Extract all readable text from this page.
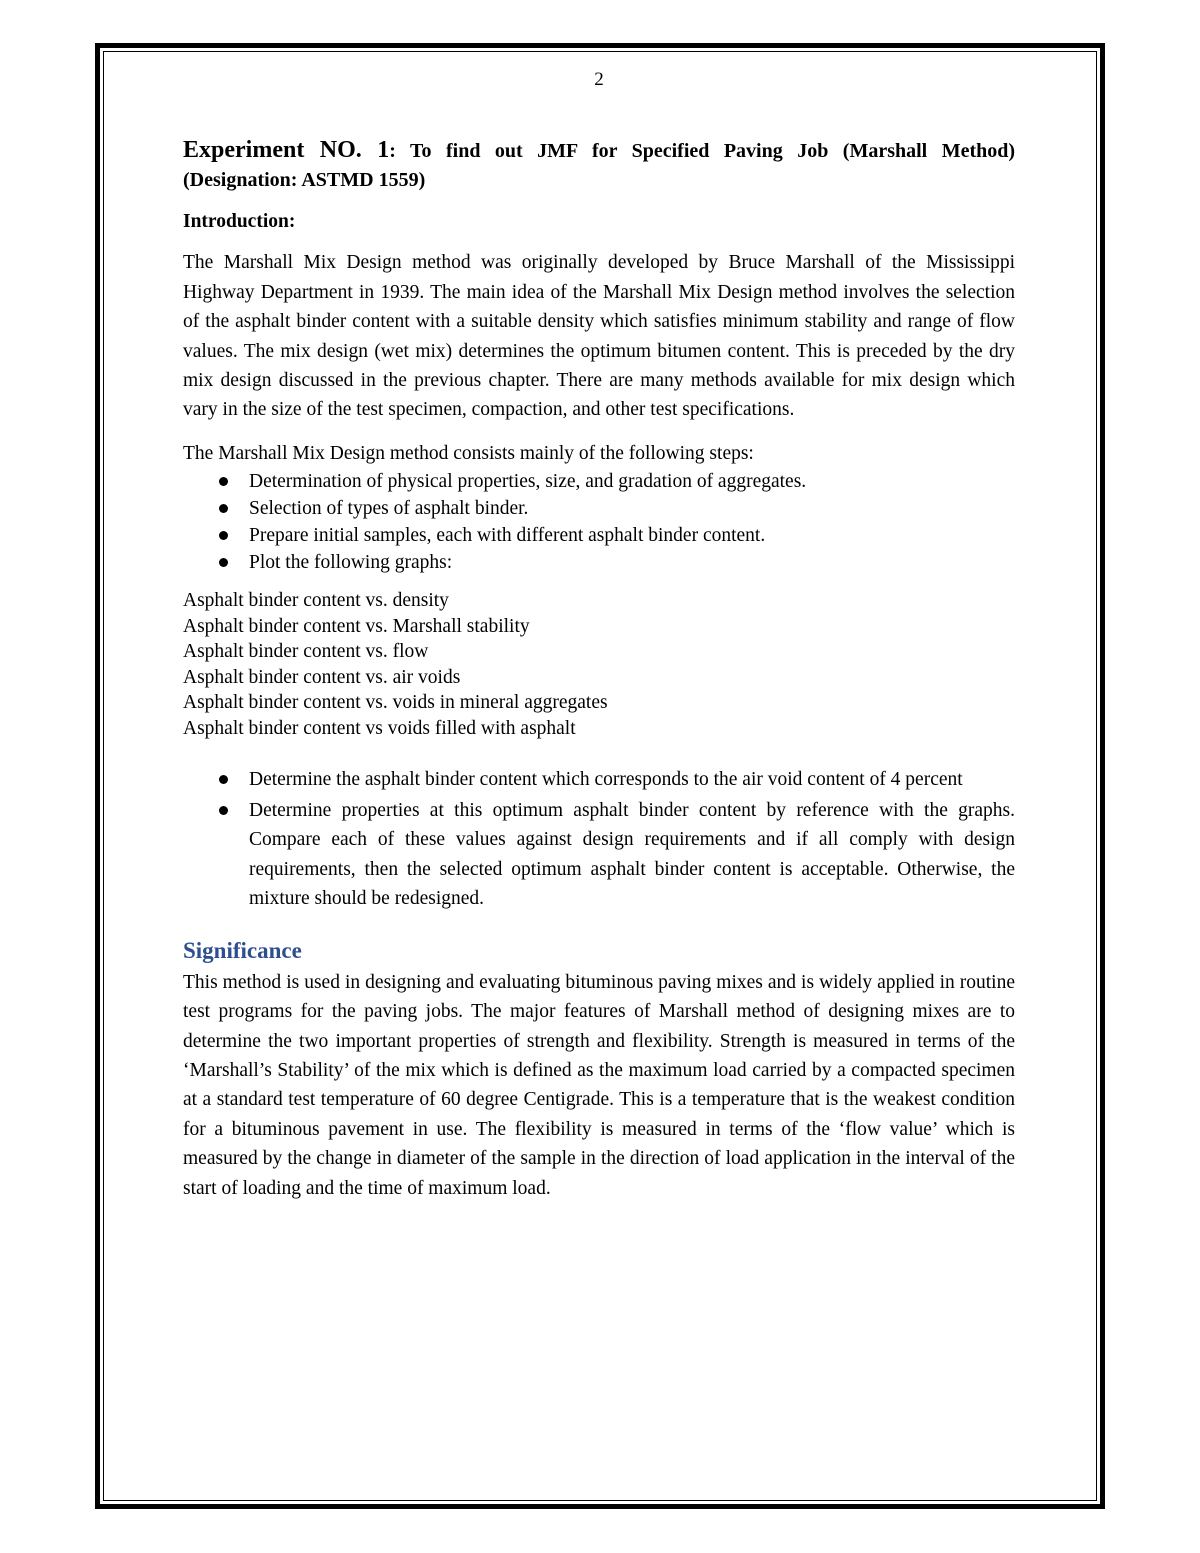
2
Experiment NO. 1: To find out JMF for Specified Paving Job (Marshall Method) (Designation: ASTMD 1559)
Introduction:

The Marshall Mix Design method was originally developed by Bruce Marshall of the Mississippi Highway Department in 1939. The main idea of the Marshall Mix Design method involves the selection of the asphalt binder content with a suitable density which satisfies minimum stability and range of flow values. The mix design (wet mix) determines the optimum bitumen content. This is preceded by the dry mix design discussed in the previous chapter. There are many methods available for mix design which vary in the size of the test specimen, compaction, and other test specifications.

The Marshall Mix Design method consists mainly of the following steps:

Determination of physical properties, size, and gradation of aggregates.
Selection of types of asphalt binder.
Prepare initial samples, each with different asphalt binder content.
Plot the following graphs:
Asphalt binder content vs. density
Asphalt binder content vs. Marshall stability
Asphalt binder content vs. flow
Asphalt binder content vs. air voids
Asphalt binder content vs. voids in mineral aggregates
Asphalt binder content vs voids filled with asphalt
Determine the asphalt binder content which corresponds to the air void content of 4 percent
Determine properties at this optimum asphalt binder content by reference with the graphs. Compare each of these values against design requirements and if all comply with design requirements, then the selected optimum asphalt binder content is acceptable. Otherwise, the mixture should be redesigned.
Significance

This method is used in designing and evaluating bituminous paving mixes and is widely applied in routine test programs for the paving jobs. The major features of Marshall method of designing mixes are to determine the two important properties of strength and flexibility. Strength is measured in terms of the ‘Marshall’s Stability’ of the mix which is defined as the maximum load carried by a compacted specimen at a standard test temperature of 60 degree Centigrade. This is a temperature that is the weakest condition for a bituminous pavement in use. The flexibility is measured in terms of the ‘flow value’ which is measured by the change in diameter of the sample in the direction of load application in the interval of the start of loading and the time of maximum load.
